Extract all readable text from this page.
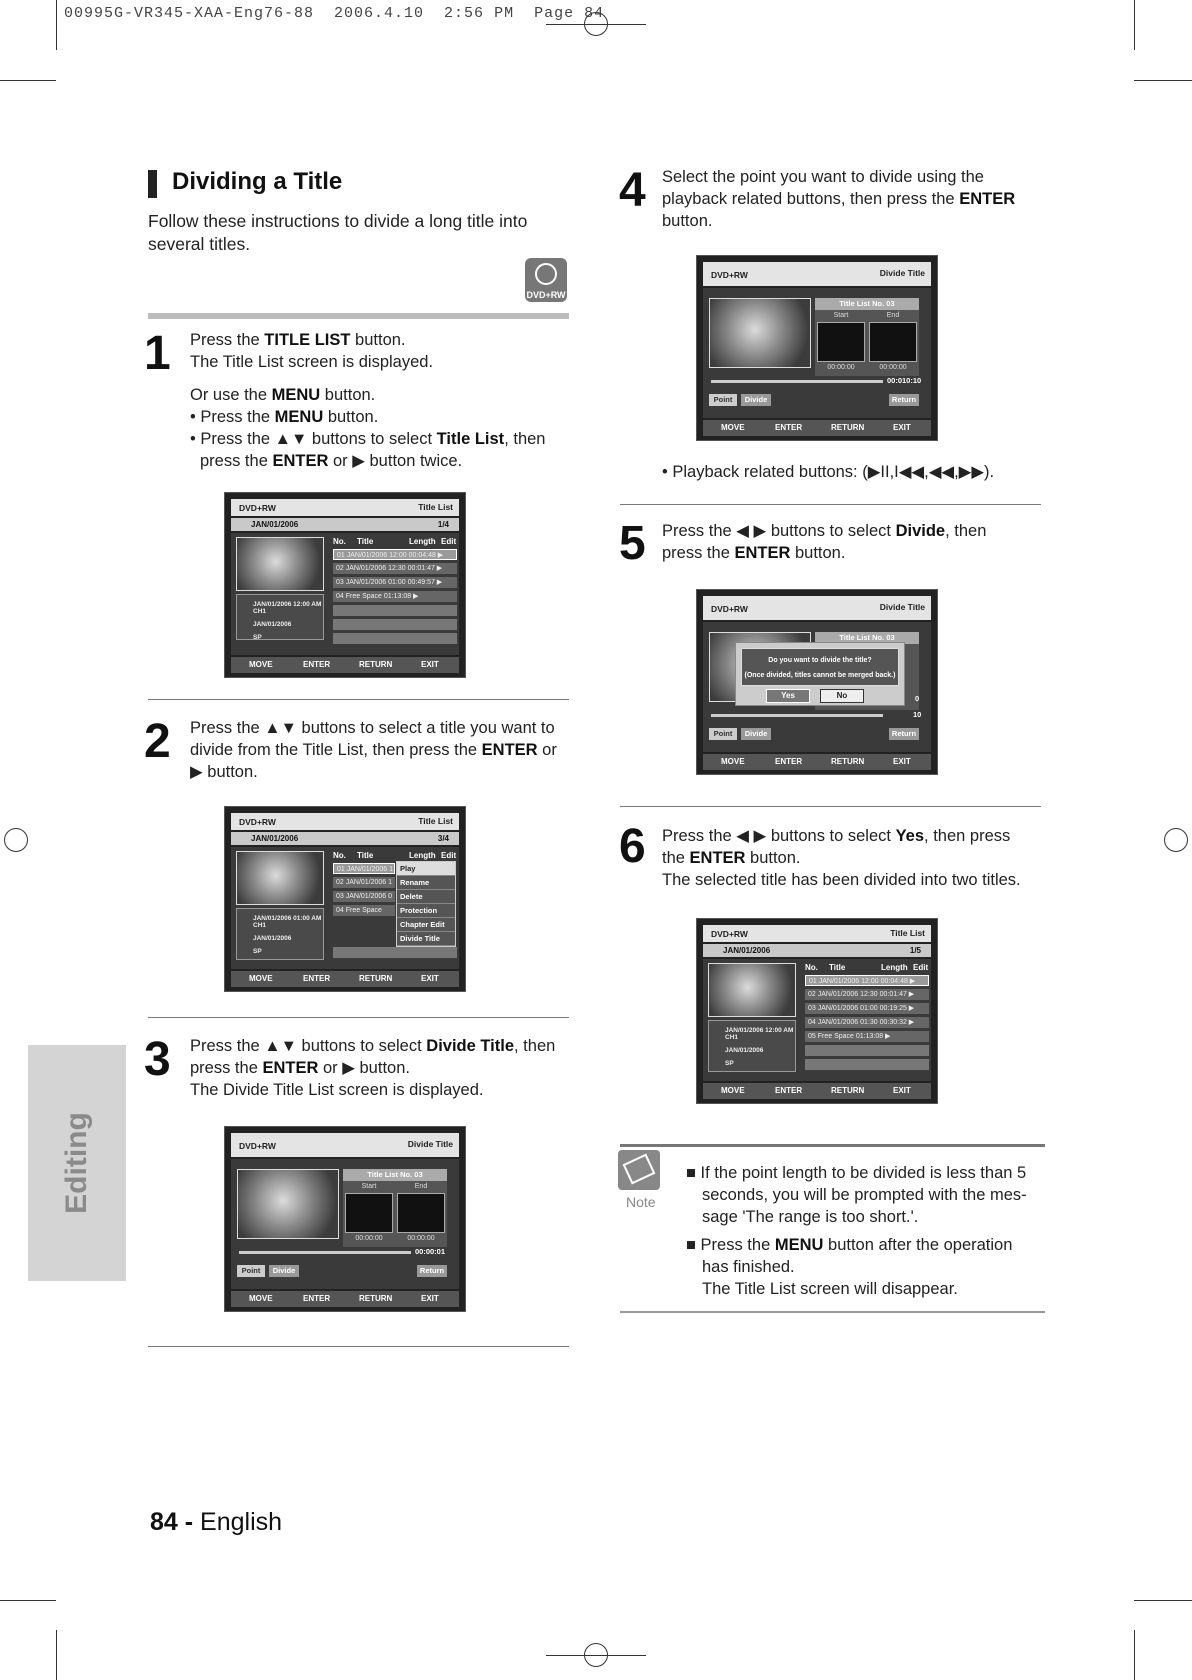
00995G-VR345-XAA-Eng76-88  2006.4.10  2:56 PM  Page 84
Editing
Dividing a Title
Follow these instructions to divide a long title into several titles.
DVD+RW
1 Press the TITLE LIST button.
The Title List screen is displayed.
Or use the MENU button.
• Press the MENU button.
• Press the ▲▼ buttons to select Title List, then
press the ENTER or ▶ button twice.
DVD+RW	Title List
JAN/01/2006	1/4
JAN/01/2006 12:00 AM CH1
JAN/01/2006
SP
No. Title	Length Edit
01 JAN/01/2006 12:00 00:04:48 ▶
02 JAN/01/2006 12:30 00:01:47 ▶
03 JAN/01/2006 01:00 00:49:57 ▶
04 Free Space 01:13:08 ▶
MOVE	ENTER	RETURN	EXIT
2 Press the ▲▼ buttons to select a title you want to
divide from the Title List, then press the ENTER or
▶ button.
DVD+RW	Title List
JAN/01/2006	3/4
JAN/01/2006 01:00 AM CH1
JAN/01/2006
SP
No. Title	Length Edit
01 JAN/01/2006 1
02 JAN/01/2006 1
03 JAN/01/2006 0
04 Free Space
Play
Rename
Delete
Protection
Chapter Edit
Divide Title
MOVE	ENTER	RETURN	EXIT
3 Press the ▲▼ buttons to select Divide Title, then
press the ENTER or ▶ button.
The Divide Title List screen is displayed.
DVD+RW	Divide Title
Title List No. 03
Start	End
00:00:00	00:00:00
00:00:01
Point	Divide	Return
MOVE	ENTER	RETURN	EXIT
4 Select the point you want to divide using the
playback related buttons, then press the ENTER
button.
DVD+RW	Divide Title
Title List No. 03
Start	End
00:00:00	00:00:00
00:010:10
Point	Divide	Return
MOVE	ENTER	RETURN	EXIT
• Playback related buttons: (▶II,I◀◀,◀◀,▶▶).
5 Press the ◀ ▶ buttons to select Divide, then
press the ENTER button.
DVD+RW	Divide Title
Title List No. 03
0
10
Point	Divide	Return
Do you want to divide the title?
(Once divided, titles cannot be merged back.)
Yes	No
MOVE	ENTER	RETURN	EXIT
6 Press the ◀ ▶ buttons to select Yes, then press
the ENTER button.
The selected title has been divided into two titles.
DVD+RW	Title List
JAN/01/2006	1/5
JAN/01/2006 12:00 AM CH1
JAN/01/2006
SP
No. Title	Length Edit
01 JAN/01/2006 12:00 00:04:48 ▶
02 JAN/01/2006 12:30 00:01:47 ▶
03 JAN/01/2006 01:00 00:19:25 ▶
04 JAN/01/2006 01:30 00:30:32 ▶
05 Free Space 01:13:08 ▶
MOVE	ENTER	RETURN	EXIT
Note
■ If the point length to be divided is less than 5
seconds, you will be prompted with the mes-
sage 'The range is too short.'.
■ Press the MENU button after the operation
has finished.
The Title List screen will disappear.
84 - English
